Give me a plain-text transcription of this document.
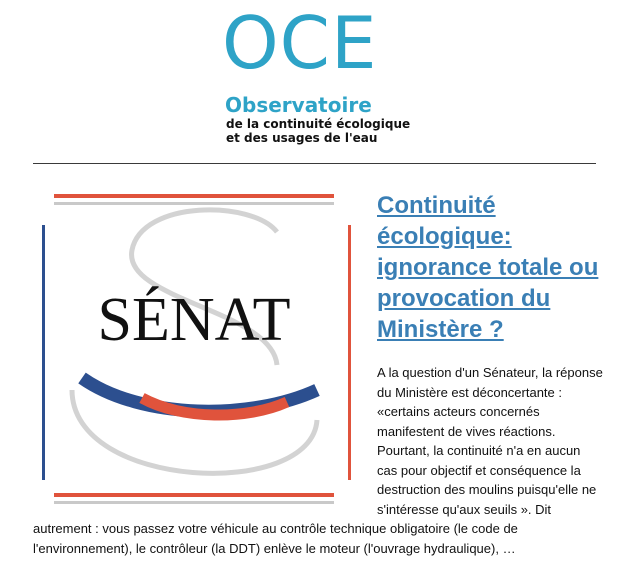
OCE
Observatoire
de la continuité écologique
et des usages de l'eau
SÉNAT
Continuité écologique: ignorance totale ou provocation du Ministère ?
A la question d'un Sénateur, la réponse du Ministère est déconcertante : «certains acteurs concernés manifestent de vives réactions. Pourtant, la continuité n'a en aucun cas pour objectif et conséquence la destruction des moulins puisqu'elle ne s'intéresse qu'aux seuils ». Dit autrement : vous passez votre véhicule au contrôle technique obligatoire (le code de l'environnement), le contrôleur (la DDT) enlève le moteur (l'ouvrage hydraulique), …
